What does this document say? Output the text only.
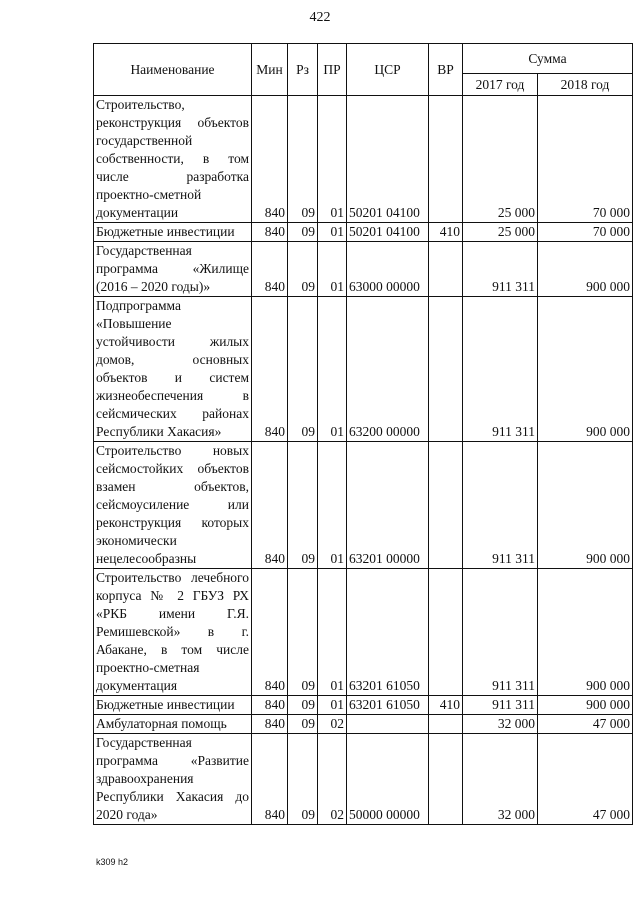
422
Наименование	Мин	Рз	ПР	ЦСР	ВР	Сумма	
						2017 год	2018 год
Строительство, реконструкция объектов государственной собственности, в том числе разработка проектно-сметной документации	840	09	01	50201 04100		25 000	70 000
Бюджетные инвестиции	840	09	01	50201 04100	410	25 000	70 000
Государственная программа «Жилище (2016 – 2020 годы)»	840	09	01	63000 00000		911 311	900 000
Подпрограмма «Повышение устойчивости жилых домов, основных объектов и систем жизнеобеспечения в сейсмических районах Республики Хакасия»	840	09	01	63200 00000		911 311	900 000
Строительство новых сейсмостойких объектов взамен объектов, сейсмоусиление или реконструкция которых экономически нецелесообразны	840	09	01	63201 00000		911 311	900 000
Строительство лечебного корпуса № 2 ГБУЗ РХ «РКБ имени Г.Я. Ремишевской» в г. Абакане, в том числе проектно-сметная документация	840	09	01	63201 61050		911 311	900 000
Бюджетные инвестиции	840	09	01	63201 61050	410	911 311	900 000
Амбулаторная помощь	840	09	02			32 000	47 000
Государственная программа «Развитие здравоохранения Республики Хакасия до 2020 года»	840	09	02	50000 00000		32 000	47 000
k309 h2
